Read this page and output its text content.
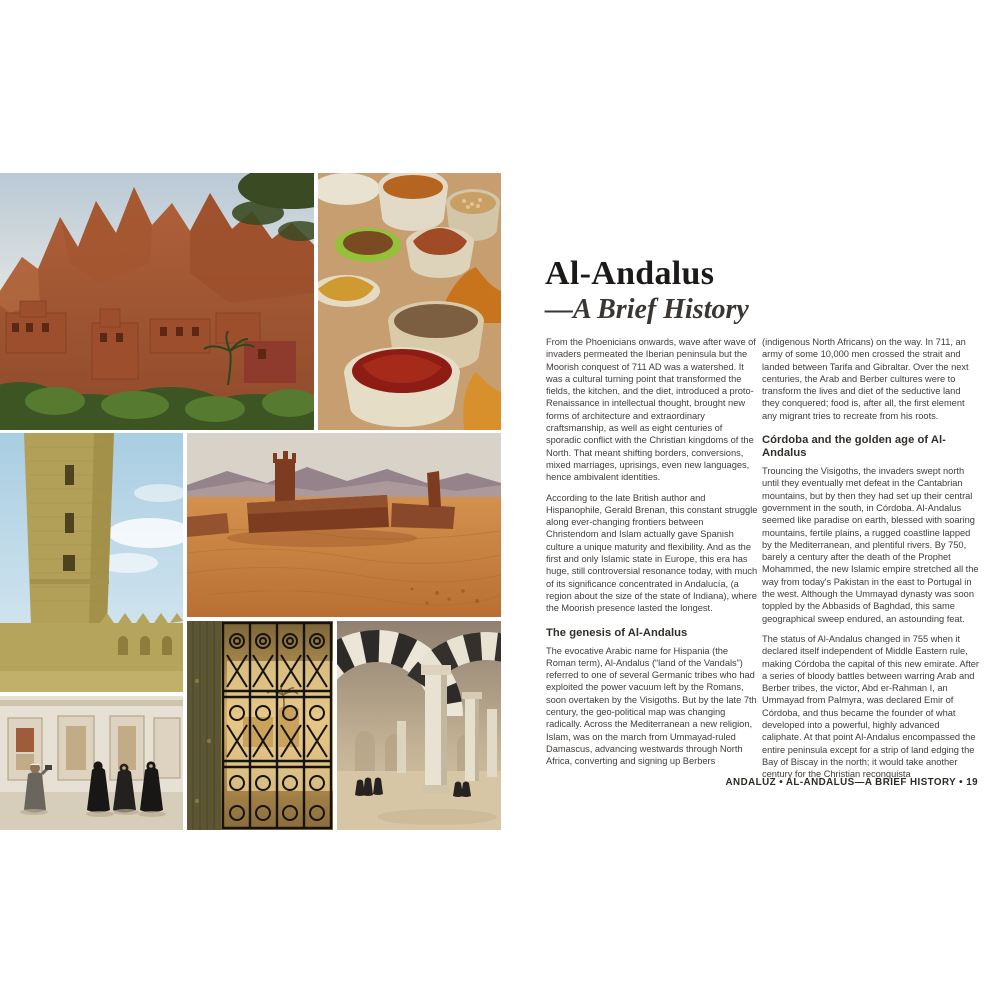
Al-Andalus
—A Brief History

From the Phoenicians onwards, wave after wave of invaders permeated the Iberian peninsula but the Moorish conquest of 711 AD was a watershed. It was a cultural turning point that transformed the fields, the kitchen, and the diet, introduced a proto-Renaissance in intellectual thought, brought new forms of architecture and extraordinary craftsmanship, as well as eight centuries of sporadic conflict with the Christian kingdoms of the North. That meant shifting borders, conversions, mixed marriages, uprisings, even new languages, hence ambivalent identities.

According to the late British author and Hispanophile, Gerald Brenan, this constant struggle along ever-changing frontiers between Christendom and Islam actually gave Spanish culture a unique maturity and flexibility. And as the first and only Islamic state in Europe, this era has huge, still controversial resonance today, with much of its significance concentrated in Andalucía, (a region about the size of the state of Indiana), where the Moorish presence lasted the longest.

The genesis of Al-Andalus

The evocative Arabic name for Hispania (the Roman term), Al-Andalus (“land of the Vandals”) referred to one of several Germanic tribes who had exploited the power vacuum left by the Romans, soon overtaken by the Visigoths. But by the late 7th century, the geo-political map was changing radically. Across the Mediterranean a new religion, Islam, was on the march from Ummayad-ruled Damascus, advancing westwards through North Africa, converting and signing up Berbers

(indigenous North Africans) on the way. In 711, an army of some 10,000 men crossed the strait and landed between Tarifa and Gibraltar. Over the next centuries, the Arab and Berber cultures were to transform the lives and diet of the seductive land they conquered; food is, after all, the first element any migrant tries to recreate from his roots.

Córdoba and the golden age of Al-Andalus

Trouncing the Visigoths, the invaders swept north until they eventually met defeat in the Cantabrian mountains, but by then they had set up their central government in the south, in Córdoba. Al-Andalus seemed like paradise on earth, blessed with soaring mountains, fertile plains, a rugged coastline lapped by the Mediterranean, and plentiful rivers. By 750, barely a century after the death of the Prophet Mohammed, the new Islamic empire stretched all the way from today's Pakistan in the east to Portugal in the west. Although the Ummayad dynasty was soon toppled by the Abbasids of Baghdad, this same geographical sweep endured, an astounding feat.

The status of Al-Andalus changed in 755 when it declared itself independent of Middle Eastern rule, making Córdoba the capital of this new emirate. After a series of bloody battles between warring Arab and Berber tribes, the victor, Abd er-Rahman I, an Ummayad from Palmyra, was declared Emir of Córdoba, and thus became the founder of what developed into a powerful, highly advanced caliphate. At that point Al-Andalus encompassed the entire peninsula except for a strip of land edging the Bay of Biscay in the north; it would take another century for the Christian reconquista

ANDALUZ • AL-ANDALUS—A BRIEF HISTORY • 19
